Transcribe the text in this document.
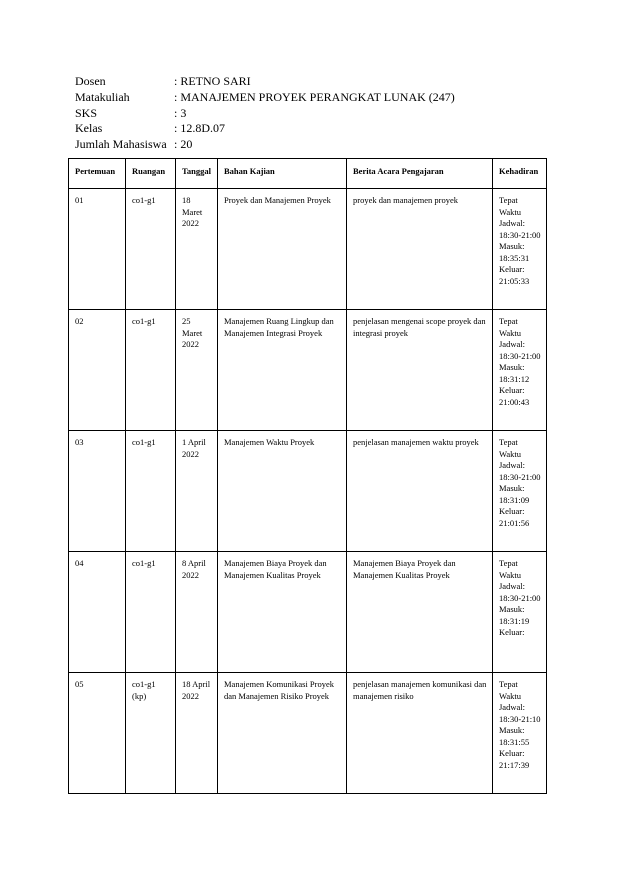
Dosen	: RETNO SARI
Matakuliah	: MANAJEMEN PROYEK PERANGKAT LUNAK (247)
SKS	: 3
Kelas	: 12.8D.07
Jumlah Mahasiswa : 20
Pertemuan	Ruangan	Tanggal	Bahan Kajian	Berita Acara Pengajaran	Kehadiran
01	co1-g1	18 Maret 2022	Proyek dan Manajemen Proyek	proyek dan manajemen proyek	Tepat Waktu
Jadwal: 18:30-21:00
Masuk: 18:35:31
Keluar: 21:05:33

02	co1-g1	25 Maret 2022	Manajemen Ruang Lingkup dan Manajemen Integrasi Proyek	penjelasan mengenai scope proyek dan integrasi proyek	Tepat Waktu
Jadwal: 18:30-21:00
Masuk: 18:31:12
Keluar: 21:00:43

03	co1-g1	1 April 2022	Manajemen Waktu Proyek	penjelasan manajemen waktu proyek	Tepat Waktu
Jadwal: 18:30-21:00
Masuk: 18:31:09
Keluar: 21:01:56

04	co1-g1	8 April 2022	Manajemen Biaya Proyek dan Manajemen Kualitas Proyek	Manajemen Biaya Proyek dan Manajemen Kualitas Proyek	Tepat Waktu
Jadwal: 18:30-21:00
Masuk: 18:31:19
Keluar:

05	co1-g1 (kp)	18 April 2022	Manajemen Komunikasi Proyek dan Manajemen Risiko Proyek	penjelasan manajemen komunikasi dan manajemen risiko	Tepat Waktu
Jadwal: 18:30-21:10
Masuk: 18:31:55
Keluar: 21:17:39
